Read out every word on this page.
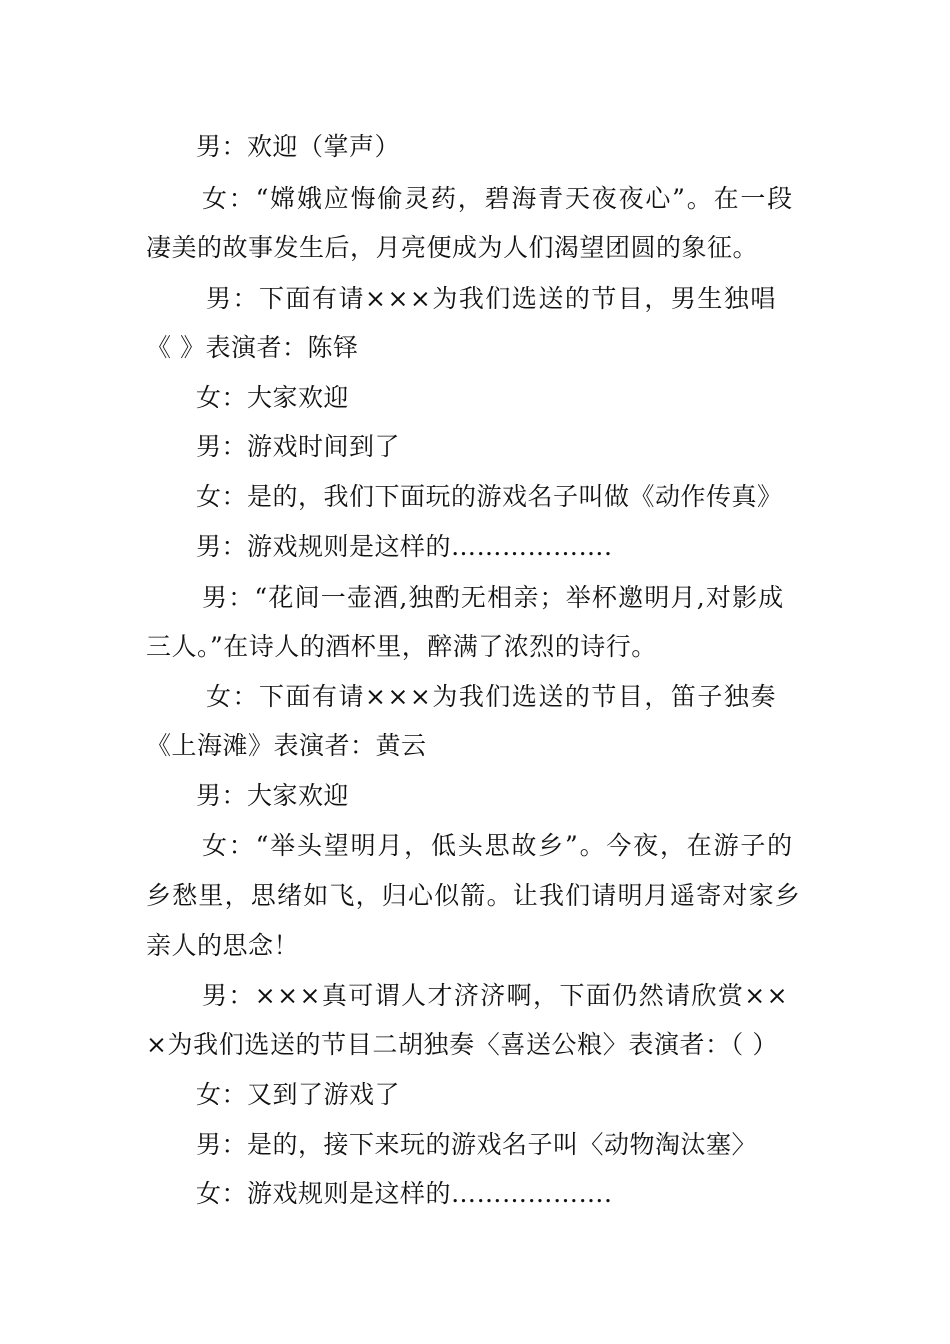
男：欢迎（掌声）
女：“嫦娥应悔偷灵药，碧海青天夜夜心”。在一段
凄美的故事发生后，月亮便成为人们渴望团圆的象征。
男：下面有请×××为我们选送的节目，男生独唱
《 》表演者：陈铎
女：大家欢迎
男：游戏时间到了
女：是的，我们下面玩的游戏名子叫做《动作传真》
男：游戏规则是这样的……………….
男：“花间一壶酒,独酌无相亲；举杯邀明月,对影成
三人。”在诗人的酒杯里，醉满了浓烈的诗行。
女：下面有请×××为我们选送的节目，笛子独奏
《上海滩》表演者：黄云
男：大家欢迎
女：“举头望明月，低头思故乡”。今夜，在游子的
乡愁里，思绪如飞，归心似箭。让我们请明月遥寄对家乡
亲人的思念！
男：×××真可谓人才济济啊，下面仍然请欣赏××
×为我们选送的节目二胡独奏〈喜送公粮〉表演者：（ ）
女：又到了游戏了
男：是的，接下来玩的游戏名子叫〈动物淘汰塞〉
女：游戏规则是这样的……………….
